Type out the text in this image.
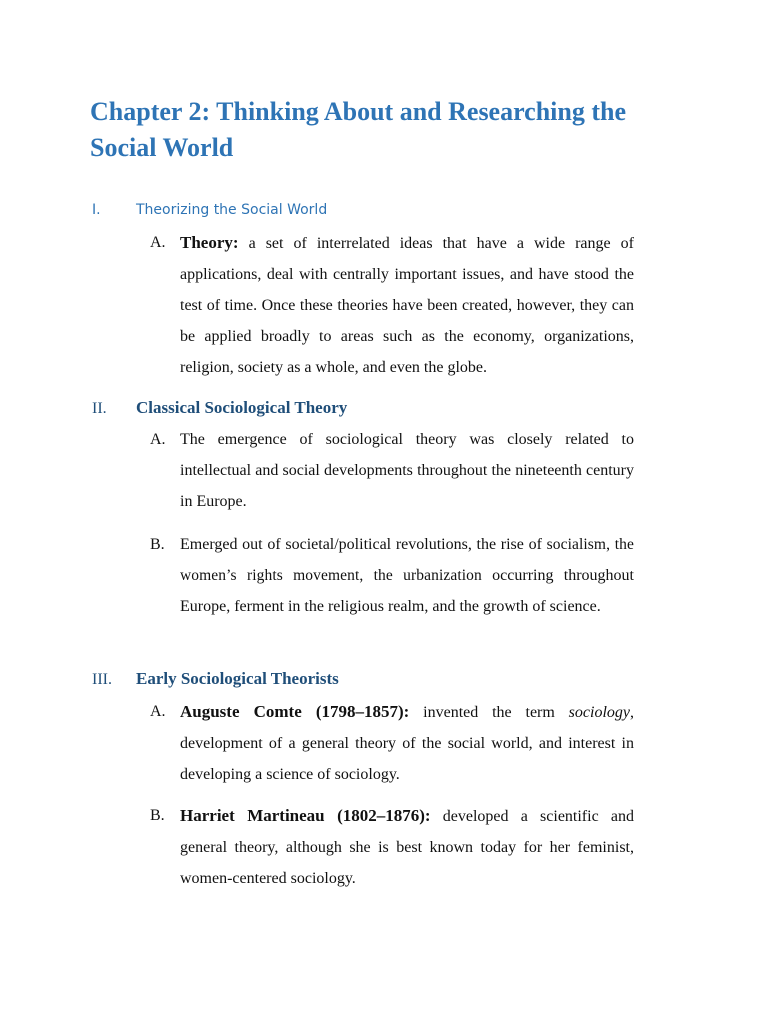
Chapter 2: Thinking About and Researching the Social World
I.	Theorizing the Social World
A. Theory: a set of interrelated ideas that have a wide range of applications, deal with centrally important issues, and have stood the test of time. Once these theories have been created, however, they can be applied broadly to areas such as the economy, organizations, religion, society as a whole, and even the globe.
II. Classical Sociological Theory
A. The emergence of sociological theory was closely related to intellectual and social developments throughout the nineteenth century in Europe.
B. Emerged out of societal/political revolutions, the rise of socialism, the women’s rights movement, the urbanization occurring throughout Europe, ferment in the religious realm, and the growth of science.
III. Early Sociological Theorists
A. Auguste Comte (1798–1857): invented the term sociology, development of a general theory of the social world, and interest in developing a science of sociology.
B. Harriet Martineau (1802–1876): developed a scientific and general theory, although she is best known today for her feminist, women-centered sociology.
